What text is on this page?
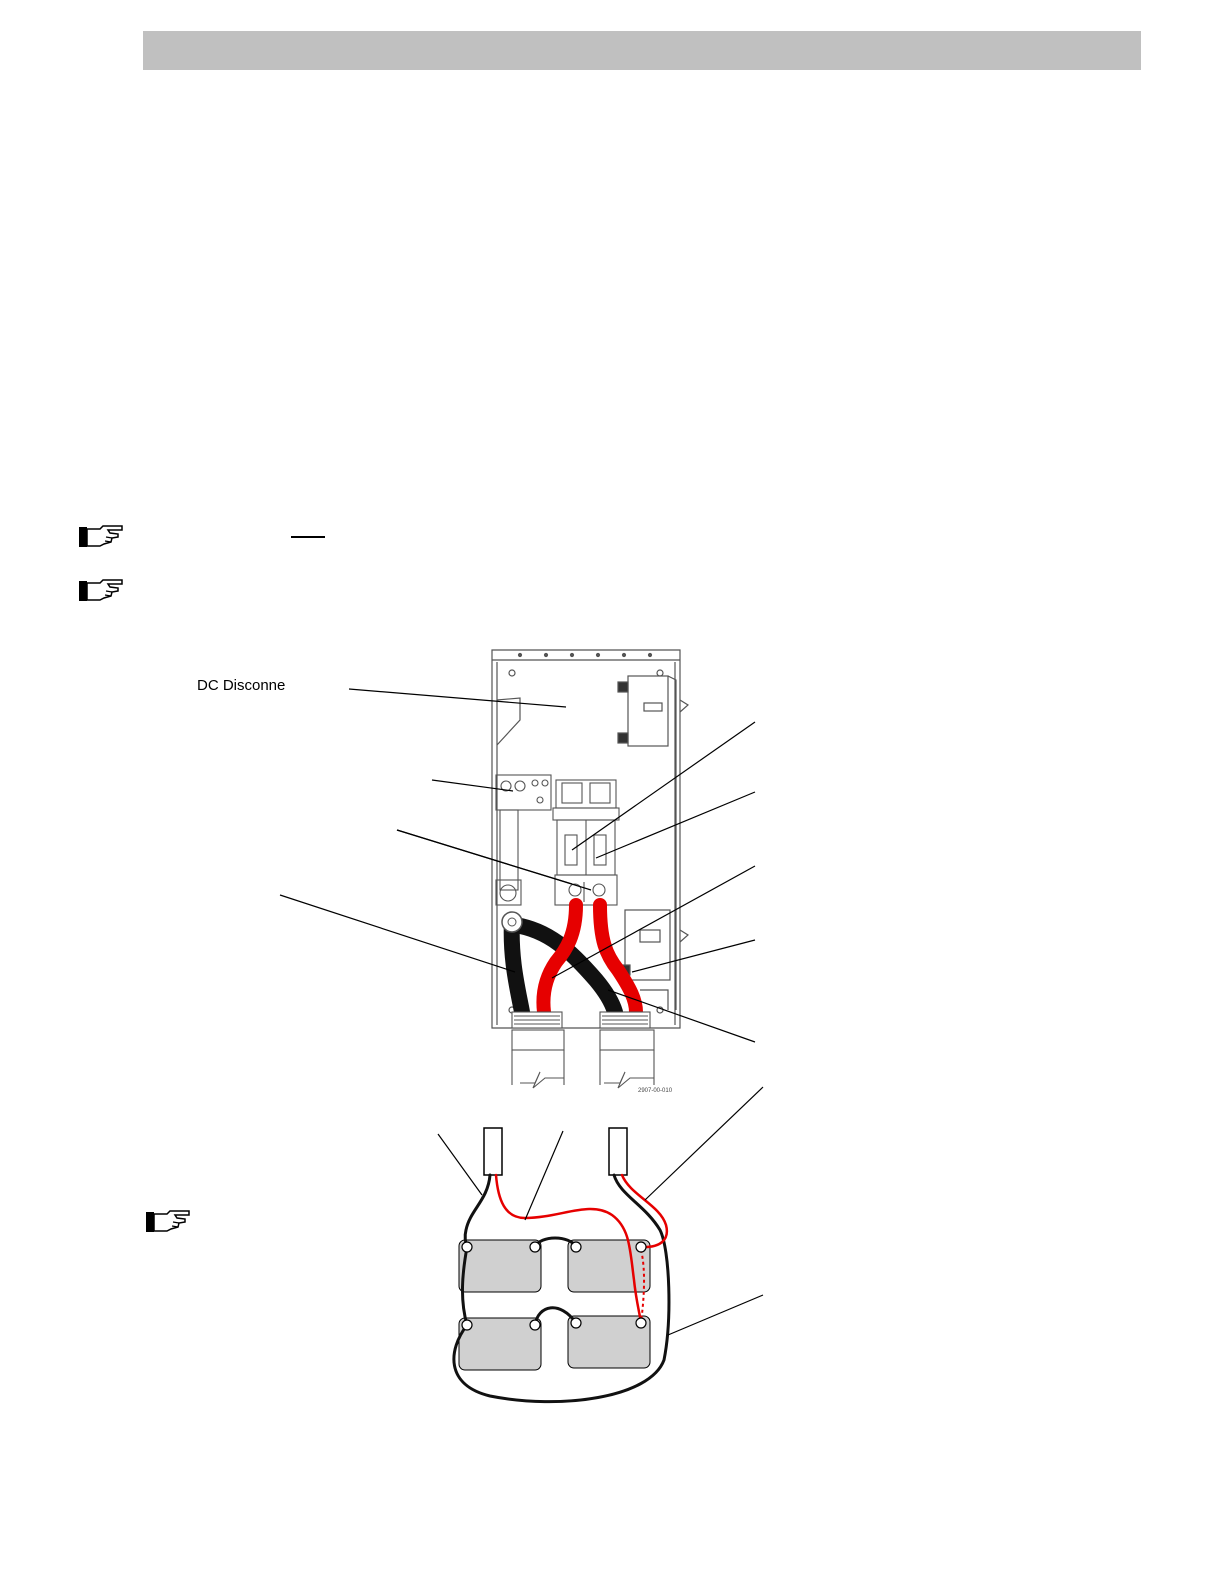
DC Disconne
2907-00-010
